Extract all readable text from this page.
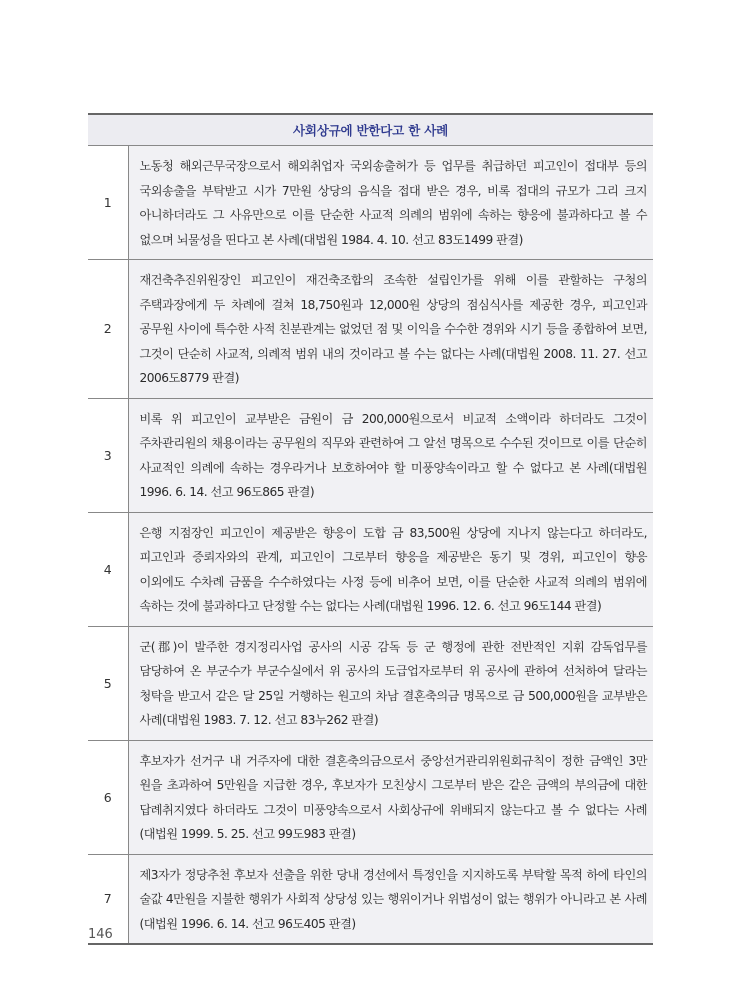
사회상규에 반한다고 한 사례	
1	노동청 해외근무국장으로서 해외취업자 국외송출허가 등 업무를 취급하던 피고인이 접대부 등의 국외송출을 부탁받고 시가 7만원 상당의 음식을 접대 받은 경우, 비록 접대의 규모가 그리 크지 아니하더라도 그 사유만으로 이를 단순한 사교적 의례의 범위에 속하는 향응에 불과하다고 볼 수 없으며 뇌물성을 띤다고 본 사례(대법원 1984. 4. 10. 선고 83도1499 판결)
2	재건축추진위원장인 피고인이 재건축조합의 조속한 설립인가를 위해 이를 관할하는 구청의 주택과장에게 두 차례에 걸쳐 18,750원과 12,000원 상당의 점심식사를 제공한 경우, 피고인과 공무원 사이에 특수한 사적 친분관계는 없었던 점 및 이익을 수수한 경위와 시기 등을 종합하여 보면, 그것이 단순히 사교적, 의례적 범위 내의 것이라고 볼 수는 없다는 사례(대법원 2008. 11. 27. 선고 2006도8779 판결)
3	비록 위 피고인이 교부받은 금원이 금 200,000원으로서 비교적 소액이라 하더라도 그것이 주차관리원의 채용이라는 공무원의 직무와 관련하여 그 알선 명목으로 수수된 것이므로 이를 단순히 사교적인 의례에 속하는 경우라거나 보호하여야 할 미풍양속이라고 할 수 없다고 본 사례(대법원 1996. 6. 14. 선고 96도865 판결)
4	은행 지점장인 피고인이 제공받은 향응이 도합 금 83,500원 상당에 지나지 않는다고 하더라도, 피고인과 증뢰자와의 관계, 피고인이 그로부터 향응을 제공받은 동기 및 경위, 피고인이 향응 이외에도 수차례 금품을 수수하였다는 사정 등에 비추어 보면, 이를 단순한 사교적 의례의 범위에 속하는 것에 불과하다고 단정할 수는 없다는 사례(대법원 1996. 12. 6. 선고 96도144 판결)
5	군(郡)이 발주한 경지정리사업 공사의 시공 감독 등 군 행정에 관한 전반적인 지휘 감독업무를 담당하여 온 부군수가 부군수실에서 위 공사의 도급업자로부터 위 공사에 관하여 선처하여 달라는 청탁을 받고서 같은 달 25일 거행하는 원고의 차남 결혼축의금 명목으로 금 500,000원을 교부받은 사례(대법원 1983. 7. 12. 선고 83누262 판결)
6	후보자가 선거구 내 거주자에 대한 결혼축의금으로서 중앙선거관리위원회규칙이 정한 금액인 3만 원을 초과하여 5만원을 지급한 경우, 후보자가 모친상시 그로부터 받은 같은 금액의 부의금에 대한 답례취지였다 하더라도 그것이 미풍양속으로서 사회상규에 위배되지 않는다고 볼 수 없다는 사례(대법원 1999. 5. 25. 선고 99도983 판결)
7	제3자가 정당추천 후보자 선출을 위한 당내 경선에서 특정인을 지지하도록 부탁할 목적 하에 타인의 술값 4만원을 지불한 행위가 사회적 상당성 있는 행위이거나 위법성이 없는 행위가 아니라고 본 사례(대법원 1996. 6. 14. 선고 96도405 판결)
146
